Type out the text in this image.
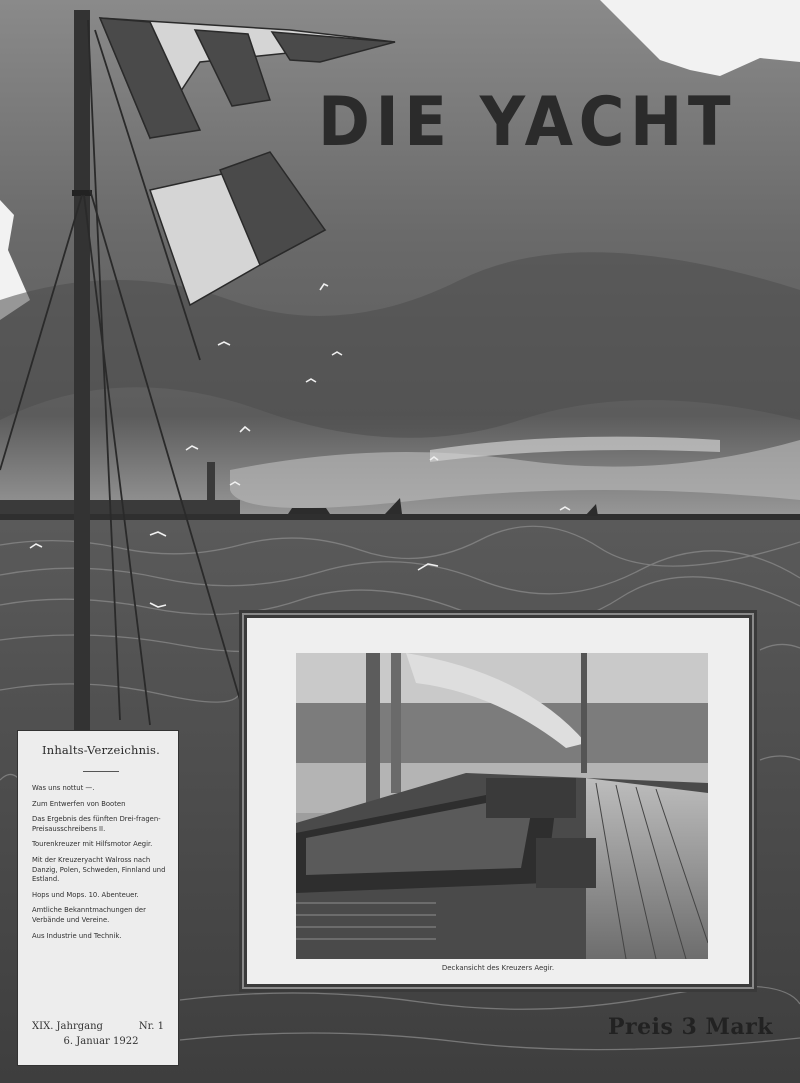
DIE YACHT
Inhalts-Verzeichnis.
Was uns nottut —.
Zum Entwerfen von Booten
Das Ergebnis des fünften Drei-fragen-Preisausschreibens II.
Tourenkreuzer mit Hilfsmotor Aegir.
Mit der Kreuzeryacht Walross nach Danzig, Polen, Schweden, Finnland und Estland.
Hops und Mops. 10. Abenteuer.
Amtliche Bekanntmachungen der Verbände und Vereine.
Aus Industrie und Technik.
XIX. Jahrgang	Nr. 1
6. Januar 1922
Deckansicht des Kreuzers Aegir.

Preis 3 Mark
